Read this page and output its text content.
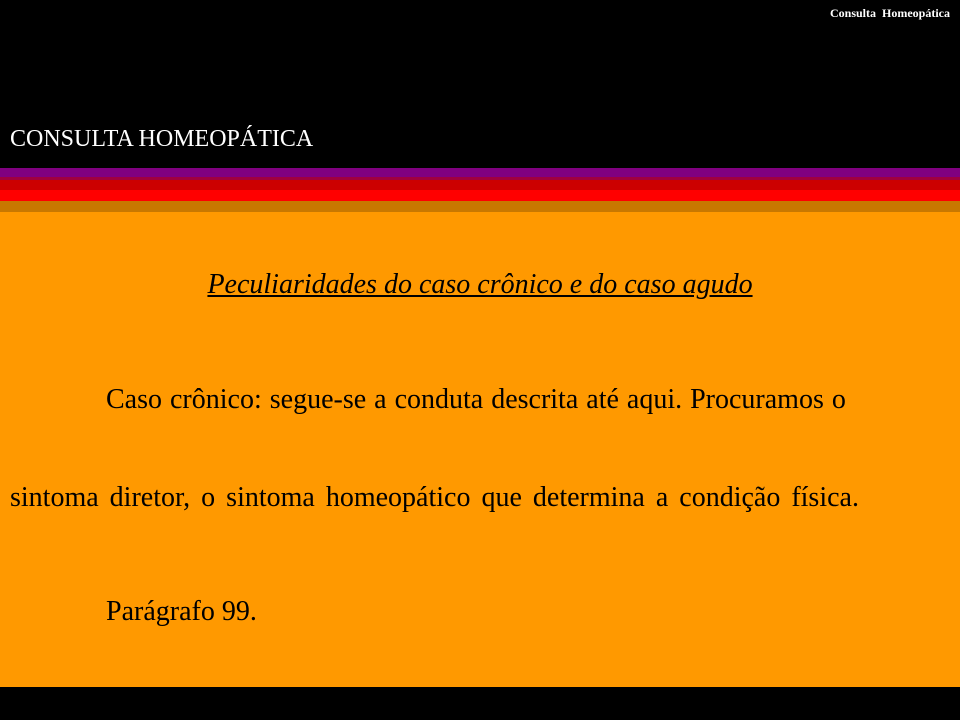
Consulta Homeopática
CONSULTA HOMEOPÁTICA
Peculiaridades do caso crônico e do caso agudo
Caso crônico: segue-se a conduta descrita até aqui. Procuramos o
sintoma diretor, o sintoma homeopático que determina a condição física.
Parágrafo 99.
